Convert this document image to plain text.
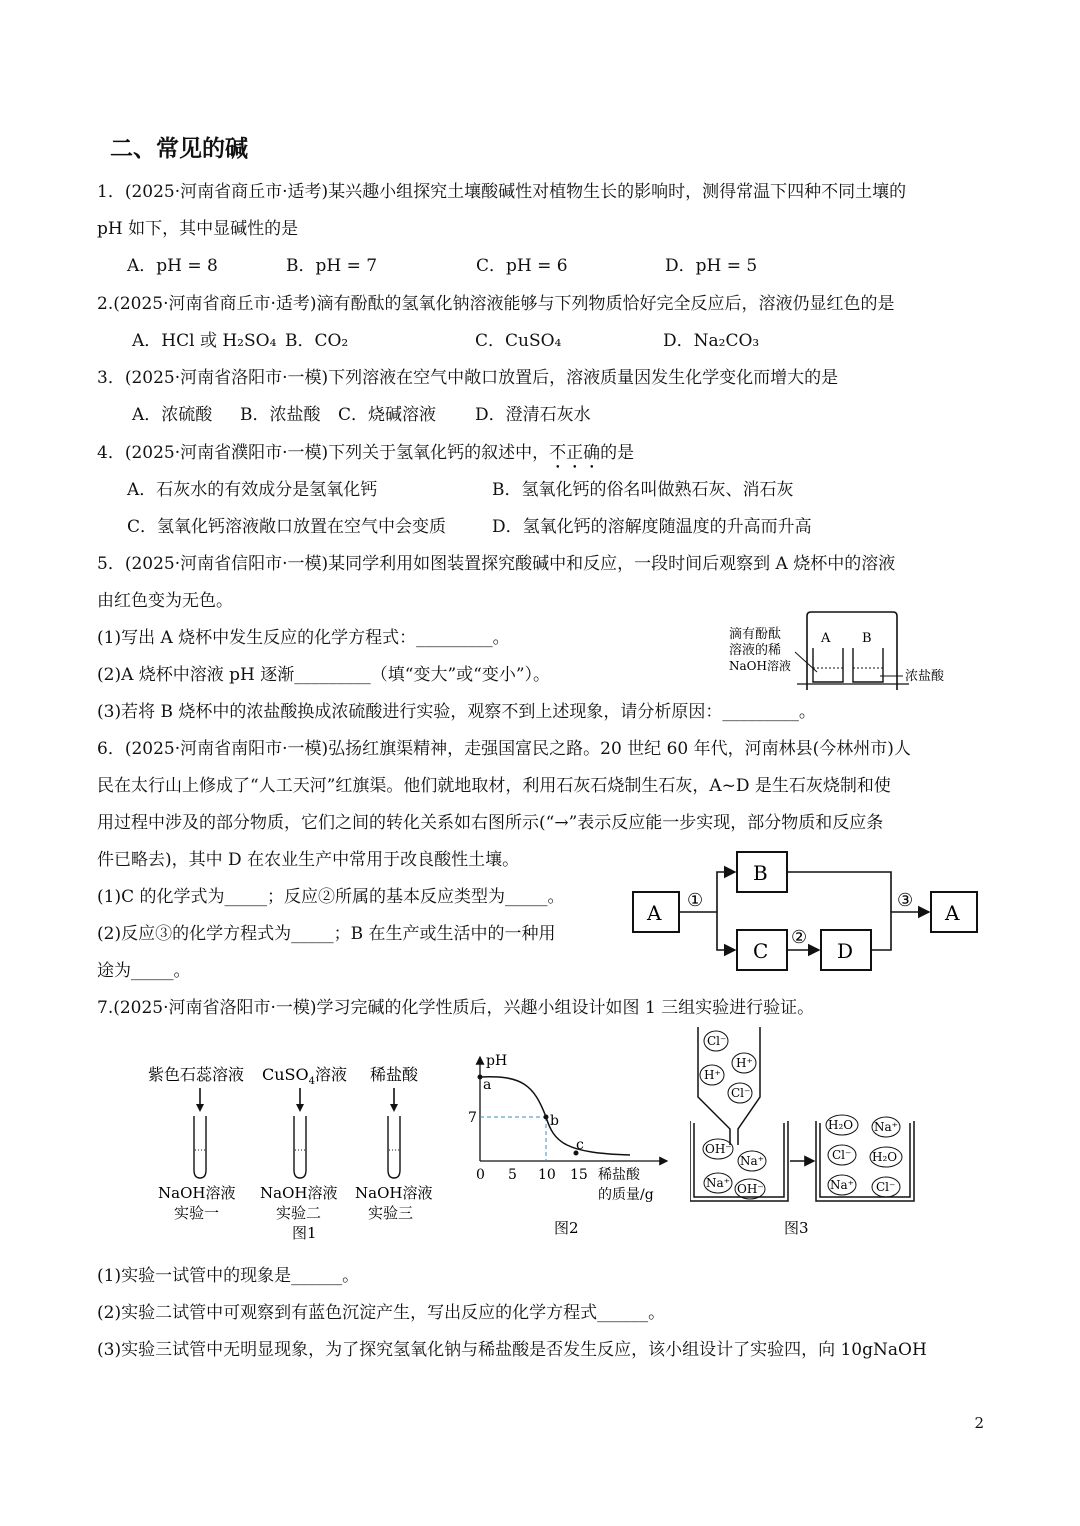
二、常见的碱
1．(2025·河南省商丘市·适考)某兴趣小组探究土壤酸碱性对植物生长的影响时，测得常温下四种不同土壤的
pH 如下，其中显碱性的是
A．pH = 8	B．pH = 7	C．pH = 6	D．pH = 5
2.(2025·河南省商丘市·适考)滴有酚酞的氢氧化钠溶液能够与下列物质恰好完全反应后，溶液仍显红色的是
A．HCl 或 H₂SO₄ B．CO₂	C．CuSO₄	D．Na₂CO₃
3．(2025·河南省洛阳市·一模)下列溶液在空气中敞口放置后，溶液质量因发生化学变化而增大的是
A．浓硫酸 B．浓盐酸 C．烧碱溶液 D．澄清石灰水
4．(2025·河南省濮阳市·一模)下列关于氢氧化钙的叙述中，不正确的是
A．石灰水的有效成分是氢氧化钙	B．氢氧化钙的俗名叫做熟石灰、消石灰
C．氢氧化钙溶液敞口放置在空气中会变质	D．氢氧化钙的溶解度随温度的升高而升高
5．(2025·河南省信阳市·一模)某同学利用如图装置探究酸碱中和反应，一段时间后观察到 A 烧杯中的溶液
由红色变为无色。
(1)写出 A 烧杯中发生反应的化学方程式：_________。
(2)A 烧杯中溶液 pH 逐渐_________（填“变大”或“变小”）。
(3)若将 B 烧杯中的浓盐酸换成浓硫酸进行实验，观察不到上述现象，请分析原因：_________。
A B
滴有酚酞
溶液的稀
NaOH溶液
浓盐酸
6．(2025·河南省南阳市·一模)弘扬红旗渠精神，走强国富民之路。20 世纪 60 年代，河南林县(今林州市)人
民在太行山上修成了“人工天河”红旗渠。他们就地取材，利用石灰石烧制生石灰，A~D 是生石灰烧制和使
用过程中涉及的部分物质，它们之间的转化关系如右图所示(“→”表示反应能一步实现，部分物质和反应条
件已略去)，其中 D 在农业生产中常用于改良酸性土壤。
(1)C 的化学式为_____；反应②所属的基本反应类型为_____。
(2)反应③的化学方程式为_____；B 在生产或生活中的一种用
途为_____。
A
B
C	D
A
①
②
③
7.(2025·河南省洛阳市·一模)学习完碱的化学性质后，兴趣小组设计如图 1 三组实验进行验证。
紫色石蕊溶液 CuSO$_4$溶液 稀盐酸
NaOH溶液 NaOH溶液 NaOH溶液
实验一	实验二	实验三
图1
pH
a
b
c
7
0 5 10 15 稀盐酸
的质量/g
图2
Cl⁻
H⁺
H⁺
Cl⁻
OH⁻
Na⁺
Na⁺ OH⁻
H₂O Na⁺
Cl⁻ H₂O
Na⁺ Cl⁻
图3
(1)实验一试管中的现象是______。
(2)实验二试管中可观察到有蓝色沉淀产生，写出反应的化学方程式______。
(3)实验三试管中无明显现象，为了探究氢氧化钠与稀盐酸是否发生反应，该小组设计了实验四，向 10gNaOH
2
